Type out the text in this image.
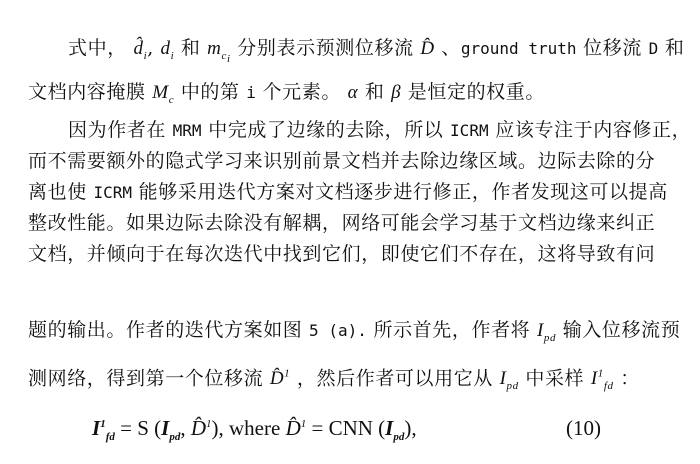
式中， $d̂_i$, $d_i$ 和 $m_{c_i}$ 分别表示预测位移流 D̂ 、ground truth 位移流 D 和
文档内容掩膜 $M_c$ 中的第 i 个元素。 α 和 β 是恒定的权重。
因为作者在 MRM 中完成了边缘的去除，所以 ICRM 应该专注于内容修正，
而不需要额外的隐式学习来识别前景文档并去除边缘区域。边际去除的分
离也使 ICRM 能够采用迭代方案对文档逐步进行修正，作者发现这可以提高
整改性能。如果边际去除没有解耦，网络可能会学习基于文档边缘来纠正
文档，并倾向于在每次迭代中找到它们，即使它们不存在，这将导致有问
题的输出。作者的迭代方案如图 5 (a). 所示首先，作者将 $I_{pd}$ 输入位移流预
测网络，得到第一个位移流 D̂$^1$ ，然后作者可以用它从 $I_{pd}$ 中采样 $I^1_{fd}$ ：
$I^1_{fd} = S$ ($I_{pd}$, D̂$^1$), where D̂$^1$ = CNN $(I_{pd})$,	(10)
